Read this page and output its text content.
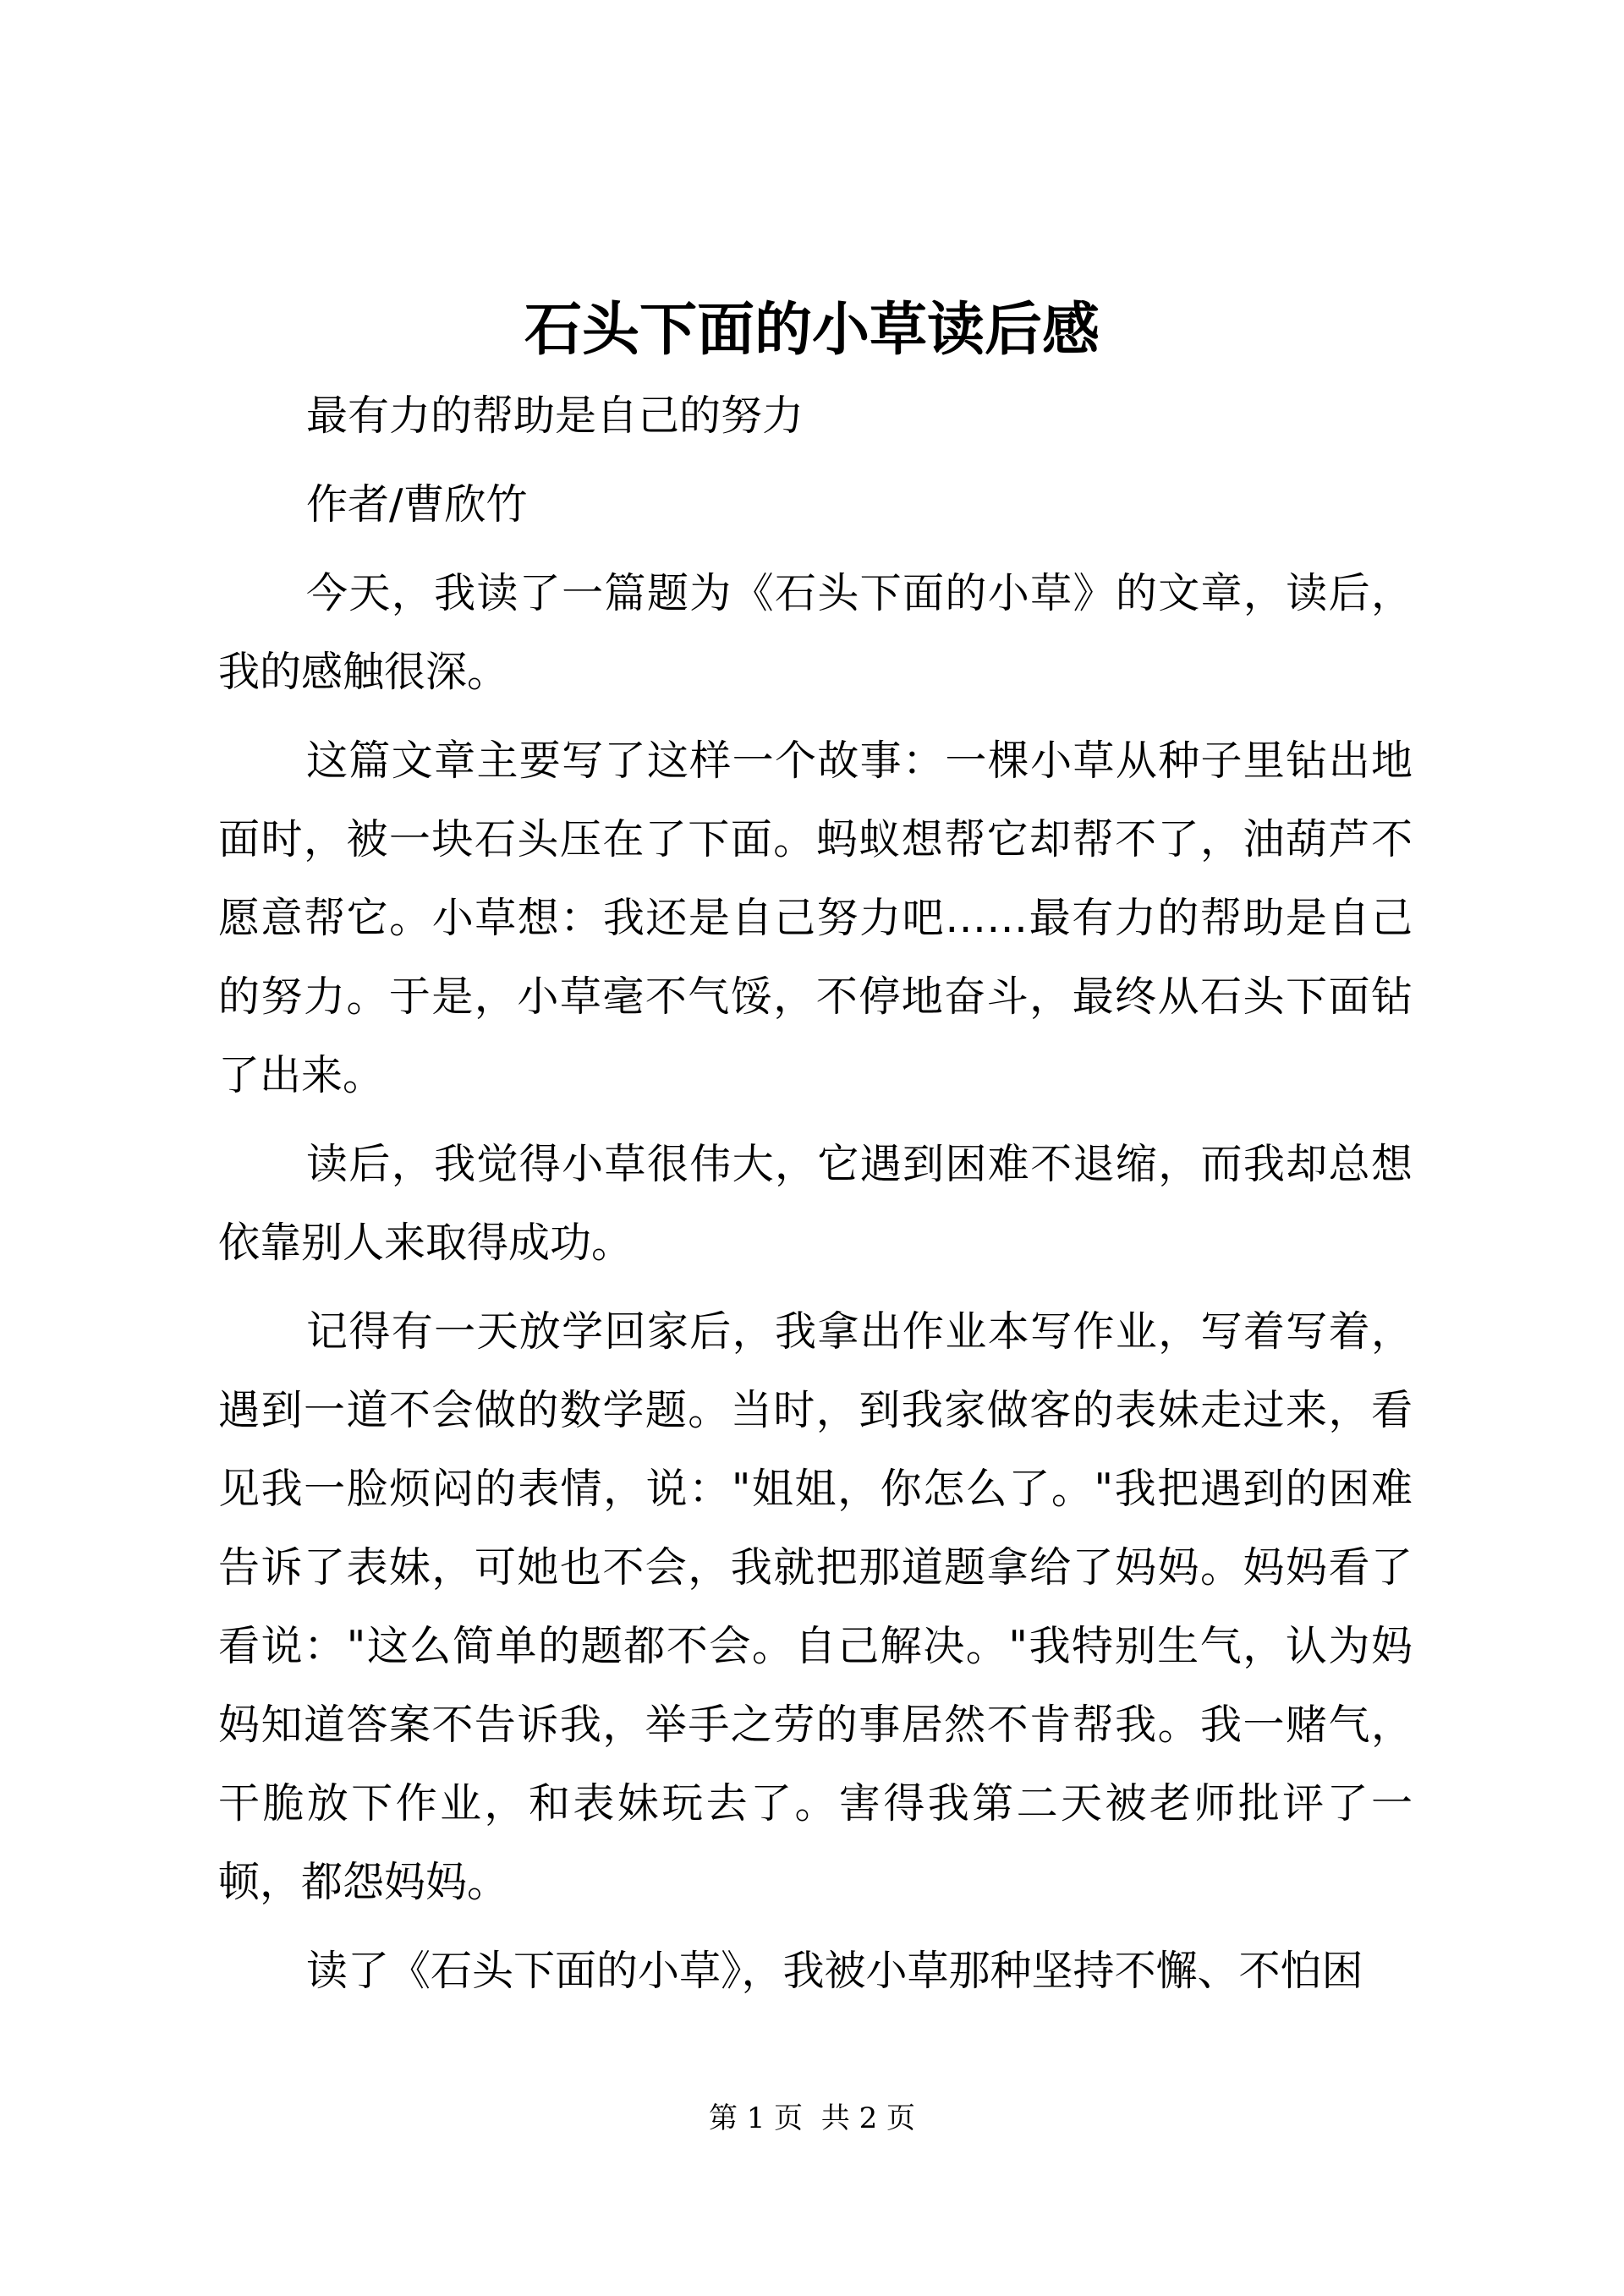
石头下面的小草读后感

最有力的帮助是自己的努力

作者/曹欣竹

今天，我读了一篇题为《石头下面的小草》的文章，读后，我的感触很深。

这篇文章主要写了这样一个故事：一棵小草从种子里钻出地面时，被一块石头压在了下面。蚂蚁想帮它却帮不了，油葫芦不愿意帮它。小草想：我还是自己努力吧……最有力的帮助是自己的努力。于是，小草毫不气馁，不停地奋斗，最终从石头下面钻了出来。

读后，我觉得小草很伟大，它遇到困难不退缩，而我却总想依靠别人来取得成功。

记得有一天放学回家后，我拿出作业本写作业，写着写着，遇到一道不会做的数学题。当时，到我家做客的表妹走过来，看见我一脸烦闷的表情，说："姐姐，你怎么了。"我把遇到的困难告诉了表妹，可她也不会，我就把那道题拿给了妈妈。妈妈看了看说："这么简单的题都不会。自己解决。"我特别生气，认为妈妈知道答案不告诉我，举手之劳的事居然不肯帮我。我一赌气，干脆放下作业，和表妹玩去了。害得我第二天被老师批评了一顿，都怨妈妈。

读了《石头下面的小草》，我被小草那种坚持不懈、不怕困

第 1 页  共 2 页
